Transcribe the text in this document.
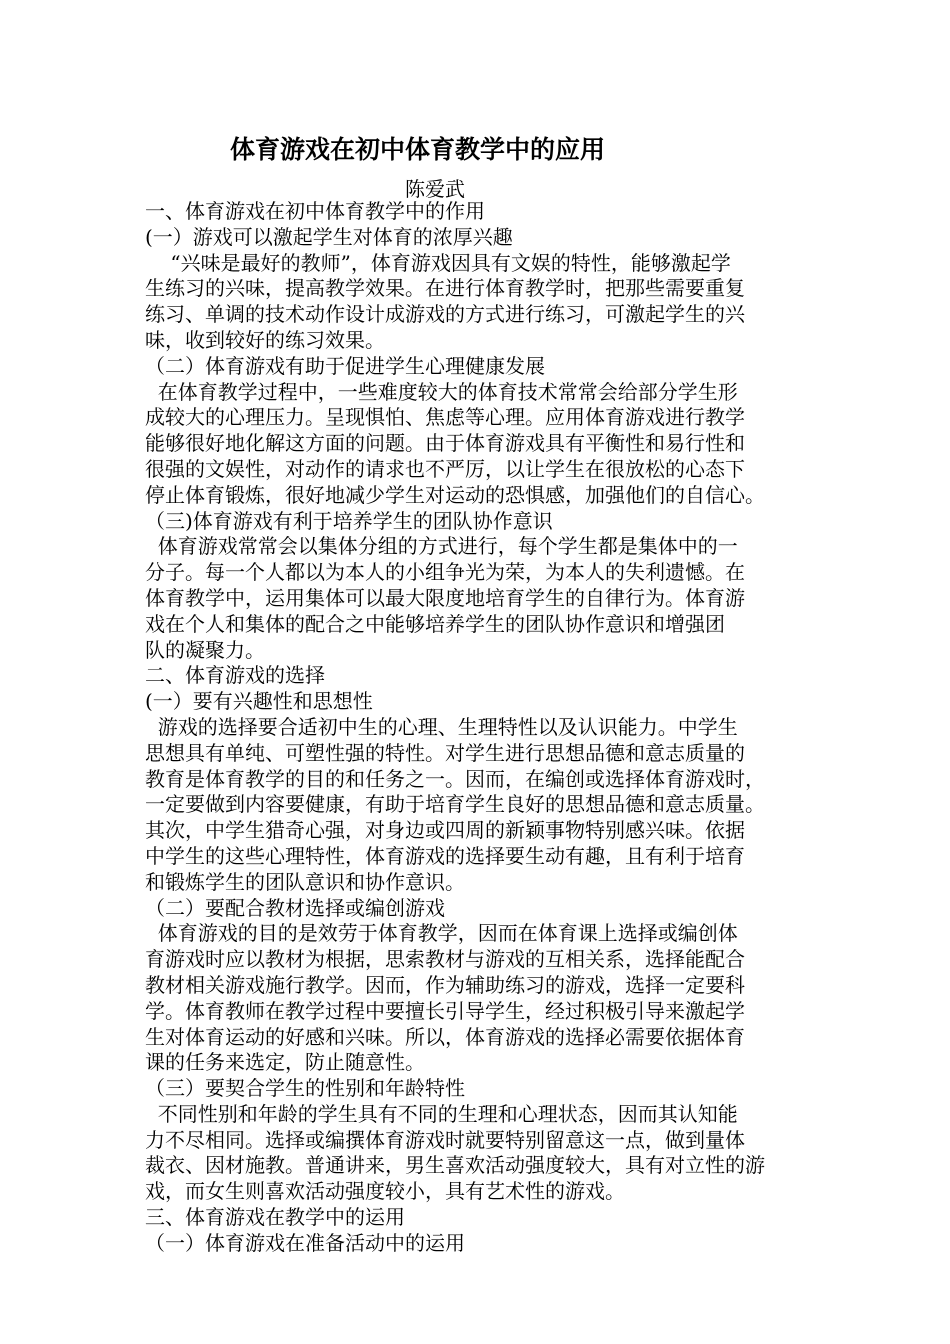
体育游戏在初中体育教学中的应用
陈爱武
一、体育游戏在初中体育教学中的作用
(一）游戏可以激起学生对体育的浓厚兴趣
“兴味是最好的教师”，体育游戏因具有文娱的特性，能够激起学
生练习的兴味，提高教学效果。在进行体育教学时，把那些需要重复
练习、单调的技术动作设计成游戏的方式进行练习，可激起学生的兴
味，收到较好的练习效果。
（二）体育游戏有助于促进学生心理健康发展
在体育教学过程中，一些难度较大的体育技术常常会给部分学生形
成较大的心理压力。呈现惧怕、焦虑等心理。应用体育游戏进行教学
能够很好地化解这方面的问题。由于体育游戏具有平衡性和易行性和
很强的文娱性，对动作的请求也不严厉，以让学生在很放松的心态下
停止体育锻炼，很好地减少学生对运动的恐惧感，加强他们的自信心。
（三)体育游戏有利于培养学生的团队协作意识
体育游戏常常会以集体分组的方式进行，每个学生都是集体中的一
分子。每一个人都以为本人的小组争光为荣，为本人的失利遗憾。在
体育教学中，运用集体可以最大限度地培育学生的自律行为。体育游
戏在个人和集体的配合之中能够培养学生的团队协作意识和增强团
队的凝聚力。
二、体育游戏的选择
(一）要有兴趣性和思想性
游戏的选择要合适初中生的心理、生理特性以及认识能力。中学生
思想具有单纯、可塑性强的特性。对学生进行思想品德和意志质量的
教育是体育教学的目的和任务之一。因而，在编创或选择体育游戏时，
一定要做到内容要健康，有助于培育学生良好的思想品德和意志质量。
其次，中学生猎奇心强，对身边或四周的新颖事物特别感兴味。依据
中学生的这些心理特性，体育游戏的选择要生动有趣，且有利于培育
和锻炼学生的团队意识和协作意识。
（二）要配合教材选择或编创游戏
体育游戏的目的是效劳于体育教学，因而在体育课上选择或编创体
育游戏时应以教材为根据，思索教材与游戏的互相关系，选择能配合
教材相关游戏施行教学。因而，作为辅助练习的游戏，选择一定要科
学。体育教师在教学过程中要擅长引导学生，经过积极引导来激起学
生对体育运动的好感和兴味。所以，体育游戏的选择必需要依据体育
课的任务来选定，防止随意性。
（三）要契合学生的性别和年龄特性
不同性别和年龄的学生具有不同的生理和心理状态，因而其认知能
力不尽相同。选择或编撰体育游戏时就要特别留意这一点，做到量体
裁衣、因材施教。普通讲来，男生喜欢活动强度较大，具有对立性的游
戏，而女生则喜欢活动强度较小，具有艺术性的游戏。
三、体育游戏在教学中的运用
（一）体育游戏在准备活动中的运用
